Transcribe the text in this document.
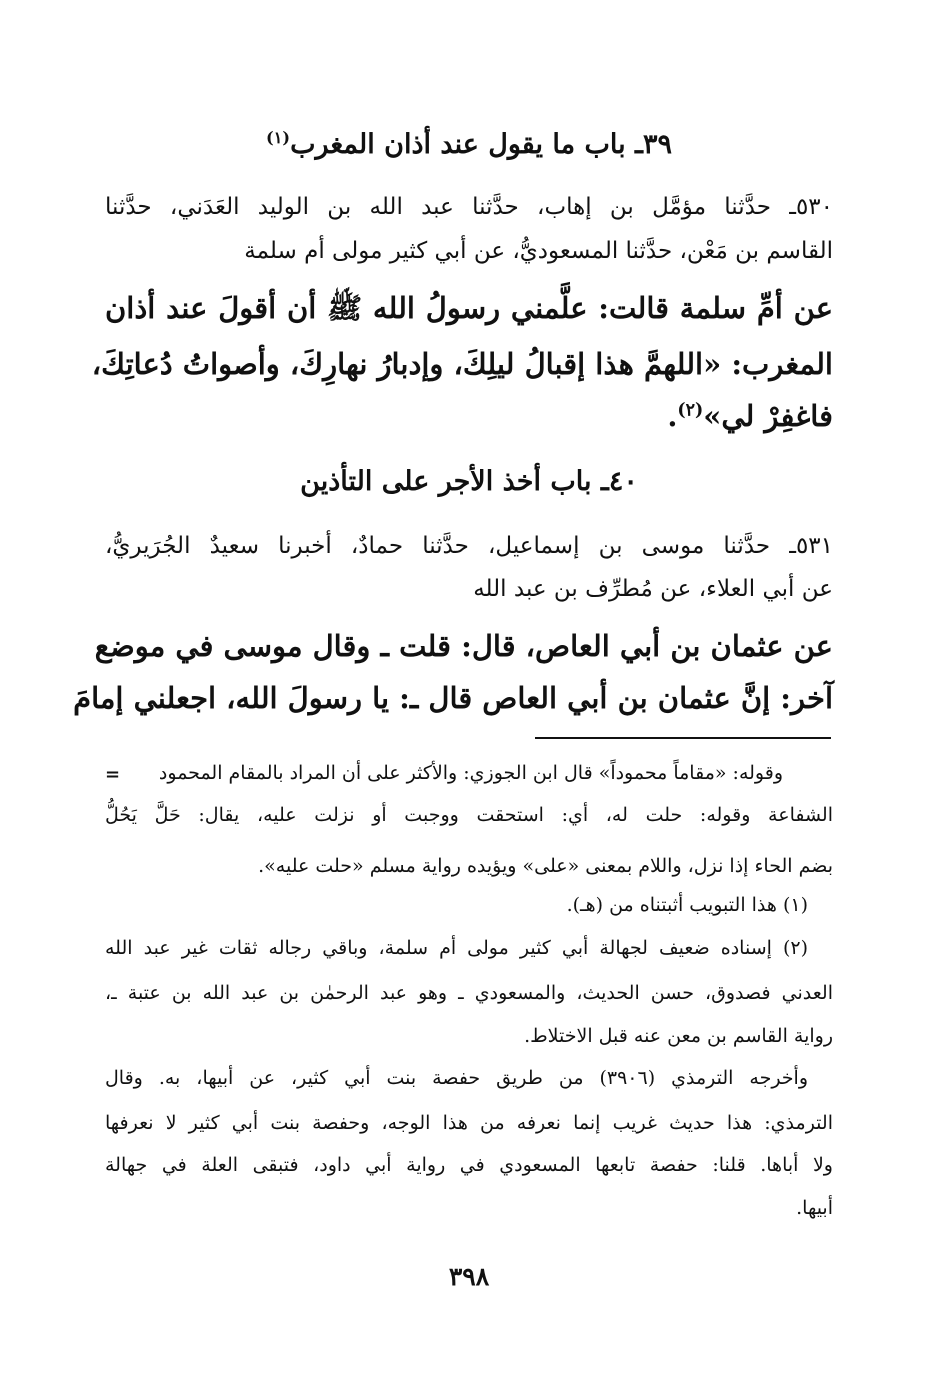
٣٩ـ باب ما يقول عند أذان المغرب$^{(١)}$

٥٣٠ـ حدَّثنا مؤمَّل بن إهاب، حدَّثنا عبد الله بن الوليد العَدَني، حدَّثنا

القاسم بن مَعْن، حدَّثنا المسعوديُّ، عن أبي كثير مولى أم سلمة

عن أمِّ سلمة قالت: علَّمني رسولُ الله ﷺ أن أقولَ عند أذان

المغرب: «اللهمَّ هذا إقبالُ ليلِكَ، وإدبارُ نهارِكَ، وأصواتُ دُعاتِكَ،

فاغفِرْ لي»$^{(٢)}$.

٤٠ـ باب أخذ الأجر على التأذين

٥٣١ـ حدَّثنا موسى بن إسماعيل، حدَّثنا حمادٌ، أخبرنا سعيدٌ الجُرَيريُّ،

عن أبي العلاء، عن مُطرِّف بن عبد الله

عن عثمان بن أبي العاص، قال: قلت ـ وقال موسى في موضع

آخر: إنَّ عثمان بن أبي العاص قال ـ: يا رسولَ الله، اجعلني إمامَ

= وقوله: «مقاماً محموداً» قال ابن الجوزي: والأكثر على أن المراد بالمقام المحمود

الشفاعة وقوله: حلت له، أي: استحقت ووجبت أو نزلت عليه، يقال: حَلَّ يَحُلُّ

بضم الحاء إذا نزل، واللام بمعنى «على» ويؤيده رواية مسلم «حلت عليه».

(١) هذا التبويب أثبتناه من (هـ).

(٢) إسناده ضعيف لجهالة أبي كثير مولى أم سلمة، وباقي رجاله ثقات غير عبد الله

العدني فصدوق، حسن الحديث، والمسعودي ـ وهو عبد الرحمٰن بن عبد الله بن عتبة ـ،

رواية القاسم بن معن عنه قبل الاختلاط.

وأخرجه الترمذي (٣٩٠٦) من طريق حفصة بنت أبي كثير، عن أبيها، به. وقال

الترمذي: هذا حديث غريب إنما نعرفه من هذا الوجه، وحفصة بنت أبي كثير لا نعرفها

ولا أباها. قلنا: حفصة تابعها المسعودي في رواية أبي داود، فتبقى العلة في جهالة

أبيها.

٣٩٨
